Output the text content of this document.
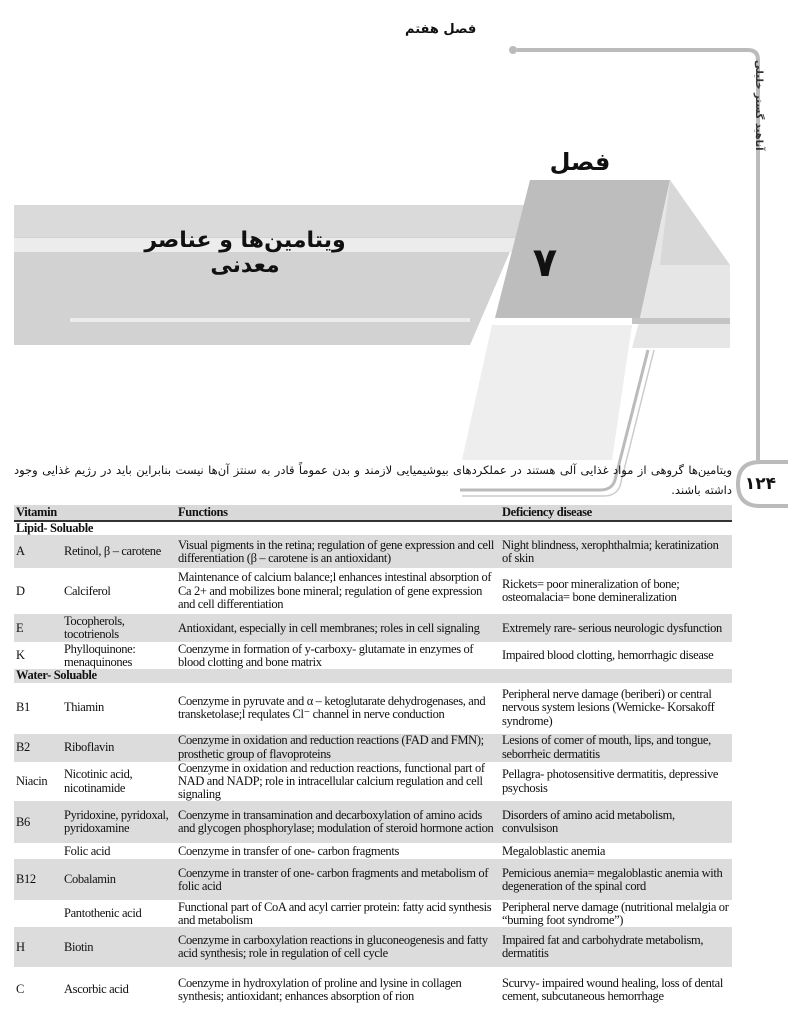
فصل هفتم
آناهید گستر خلیلی
فصل
۷
ویتامین‌ها و عناصر معدنی
ویتامین‌ها گروهی از مواد غذایی آلی هستند در عملکردهای بیوشیمیایی لازمند و بدن عموماً قادر به سنتز آن‌ها نیست بنابراین باید در رژیم غذایی وجود داشته باشند. ۱۲۴
Vitamin		Functions	Deficiency disease
Lipid- Soluable			
A	Retinol, β – carotene	Visual pigments in the retina; regulation of gene expression and cell differentiation (β – carotene is an antioxidant)	Night blindness, xerophthalmia; keratinization of skin
D	Calciferol	Maintenance of calcium balance;l enhances intestinal absorption of Ca 2+ and mobilizes bone mineral; regulation of gene expression and cell differentiation	Rickets= poor mineralization of bone; osteomalacia= bone demineralization
E	Tocopherols, tocotrienols	Antioxidant, especially in cell membranes; roles in cell signaling	Extremely rare- serious neurologic dysfunction
K	Phylloquinone: menaquinones	Coenzyme in formation of y-carboxy- glutamate in enzymes of blood clotting and bone matrix	Impaired blood clotting, hemorrhagic disease
Water- Soluable			
B1	Thiamin	Coenzyme in pyruvate and α – ketoglutarate dehydrogenases, and transketolase;l requlates Cl⁻ channel in nerve conduction	Peripheral nerve damage (beriberi) or central nervous system lesions (Wemicke- Korsakoff syndrome)
B2	Riboflavin	Coenzyme in oxidation and reduction reactions (FAD and FMN); prosthetic group of flavoproteins	Lesions of comer of mouth, lips, and tongue, seborrheic dermatitis
Niacin	Nicotinic acid, nicotinamide	Coenzyme in oxidation and reduction reactions, functional part of NAD and NADP; role in intracellular calcium regulation and cell signaling	Pellagra- photosensitive dermatitis, depressive psychosis
B6	Pyridoxine, pyridoxal, pyridoxamine	Coenzyme in transamination and decarboxylation of amino acids and glycogen phosphorylase; modulation of steroid hormone action	Disorders of amino acid metabolism, convulsison
	Folic acid	Coenzyme in transfer of one- carbon fragments	Megaloblastic anemia
B12	Cobalamin	Coenzyme in transter of one- carbon fragments and metabolism of folic acid	Pemicious anemia= megaloblastic anemia with degeneration of the spinal cord
	Pantothenic acid	Functional part of CoA and acyl carrier protein: fatty acid synthesis and metabolism	Peripheral nerve damage (nutritional melalgia or “buming foot syndrome”)
H	Biotin	Coenzyme in carboxylation reactions in gluconeogenesis and fatty acid synthesis; role in regulation of cell cycle	Impaired fat and carbohydrate metabolism, dermatitis
C	Ascorbic acid	Coenzyme in hydroxylation of proline and lysine in collagen synthesis; antioxidant; enhances absorption of rion	Scurvy- impaired wound healing, loss of dental cement, subcutaneous hemorrhage
